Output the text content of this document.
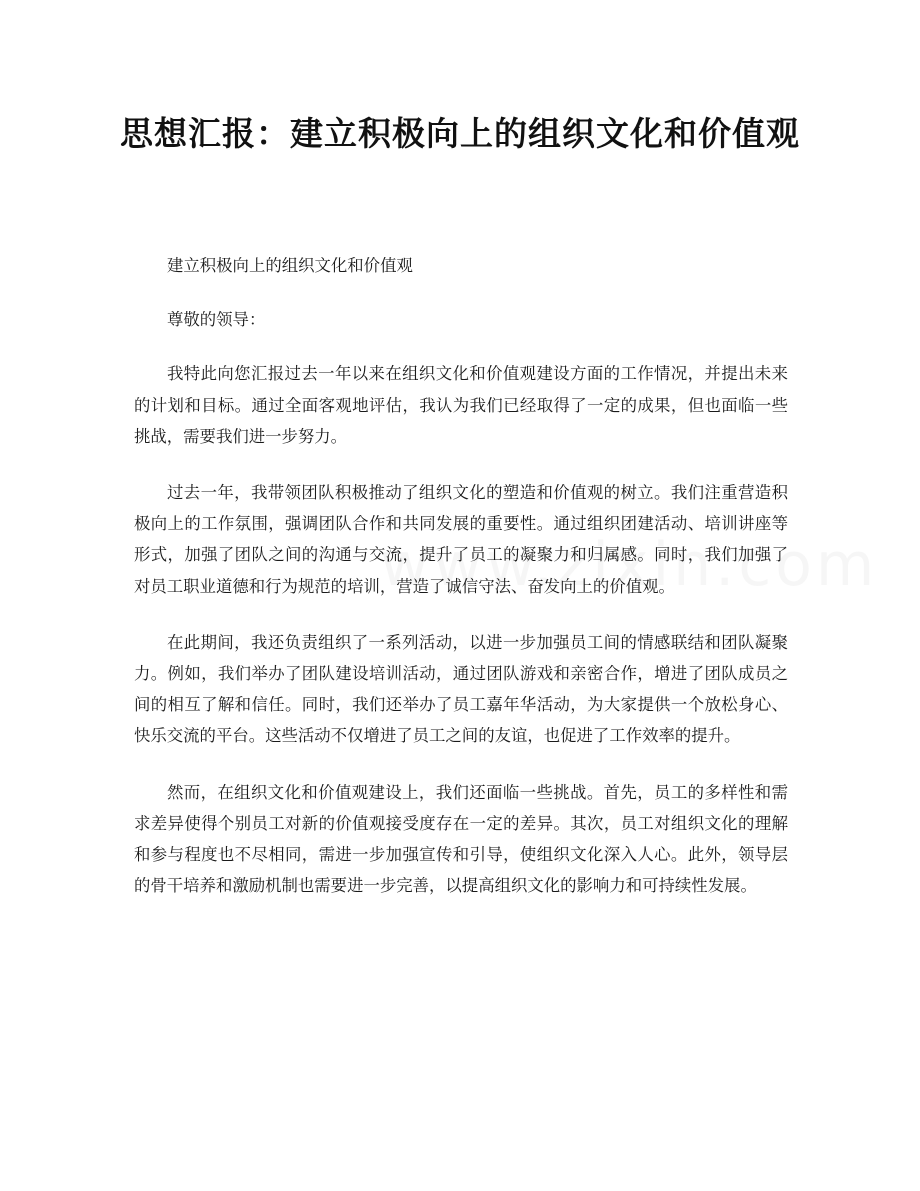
思想汇报：建立积极向上的组织文化和价值观

建立积极向上的组织文化和价值观

尊敬的领导：

我特此向您汇报过去一年以来在组织文化和价值观建设方面的工作情况，并提出未来的计划和目标。通过全面客观地评估，我认为我们已经取得了一定的成果，但也面临一些挑战，需要我们进一步努力。

过去一年，我带领团队积极推动了组织文化的塑造和价值观的树立。我们注重营造积极向上的工作氛围，强调团队合作和共同发展的重要性。通过组织团建活动、培训讲座等形式，加强了团队之间的沟通与交流，提升了员工的凝聚力和归属感。同时，我们加强了对员工职业道德和行为规范的培训，营造了诚信守法、奋发向上的价值观。

在此期间，我还负责组织了一系列活动，以进一步加强员工间的情感联结和团队凝聚力。例如，我们举办了团队建设培训活动，通过团队游戏和亲密合作，增进了团队成员之间的相互了解和信任。同时，我们还举办了员工嘉年华活动，为大家提供一个放松身心、快乐交流的平台。这些活动不仅增进了员工之间的友谊，也促进了工作效率的提升。

然而，在组织文化和价值观建设上，我们还面临一些挑战。首先，员工的多样性和需求差异使得个别员工对新的价值观接受度存在一定的差异。其次，员工对组织文化的理解和参与程度也不尽相同，需进一步加强宣传和引导，使组织文化深入人心。此外，领导层的骨干培养和激励机制也需要进一步完善，以提高组织文化的影响力和可持续性发展。
